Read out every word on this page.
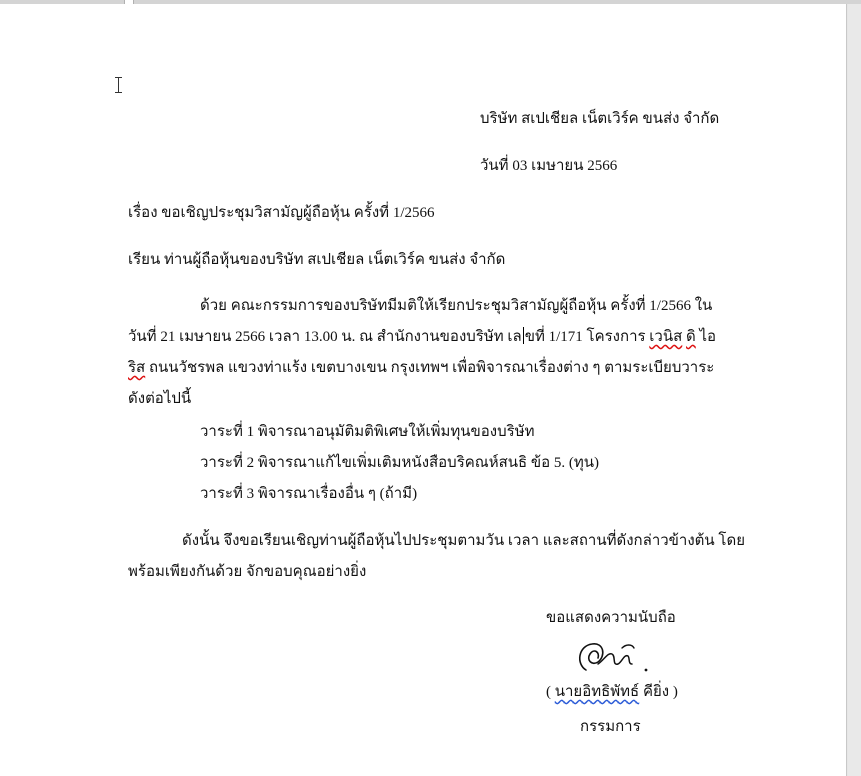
บริษัท สเปเชียล เน็ตเวิร์ค ขนส่ง จำกัด
วันที่ 03 เมษายน 2566
เรื่อง ขอเชิญประชุมวิสามัญผู้ถือหุ้น ครั้งที่ 1/2566
เรียน ท่านผู้ถือหุ้นของบริษัท สเปเชียล เน็ตเวิร์ค ขนส่ง จำกัด
ด้วย คณะกรรมการของบริษัทมีมติให้เรียกประชุมวิสามัญผู้ถือหุ้น ครั้งที่ 1/2566 ใน
วันที่ 21 เมษายน 2566 เวลา 13.00 น. ณ สำนักงานของบริษัท เล ขที่ 1/171 โครงการ เวนิส ดิ ไอ
ริส ถนนวัชรพล แขวงท่าแร้ง เขตบางเขน กรุงเทพฯ เพื่อพิจารณาเรื่องต่าง ๆ ตามระเบียบวาระ
ดังต่อไปนี้
วาระที่ 1 พิจารณาอนุมัติมติพิเศษให้เพิ่มทุนของบริษัท
วาระที่ 2 พิจารณาแก้ไขเพิ่มเติมหนังสือบริคณห์สนธิ ข้อ 5. (ทุน)
วาระที่ 3 พิจารณาเรื่องอื่น ๆ (ถ้ามี)
ดังนั้น จึงขอเรียนเชิญท่านผู้ถือหุ้นไปประชุมตามวัน เวลา และสถานที่ดังกล่าวข้างต้น โดย
พร้อมเพียงกันด้วย จักขอบคุณอย่างยิ่ง
ขอแสดงความนับถือ
( นายอิทธิพัทธ์ คียิ่ง )
กรรมการ
